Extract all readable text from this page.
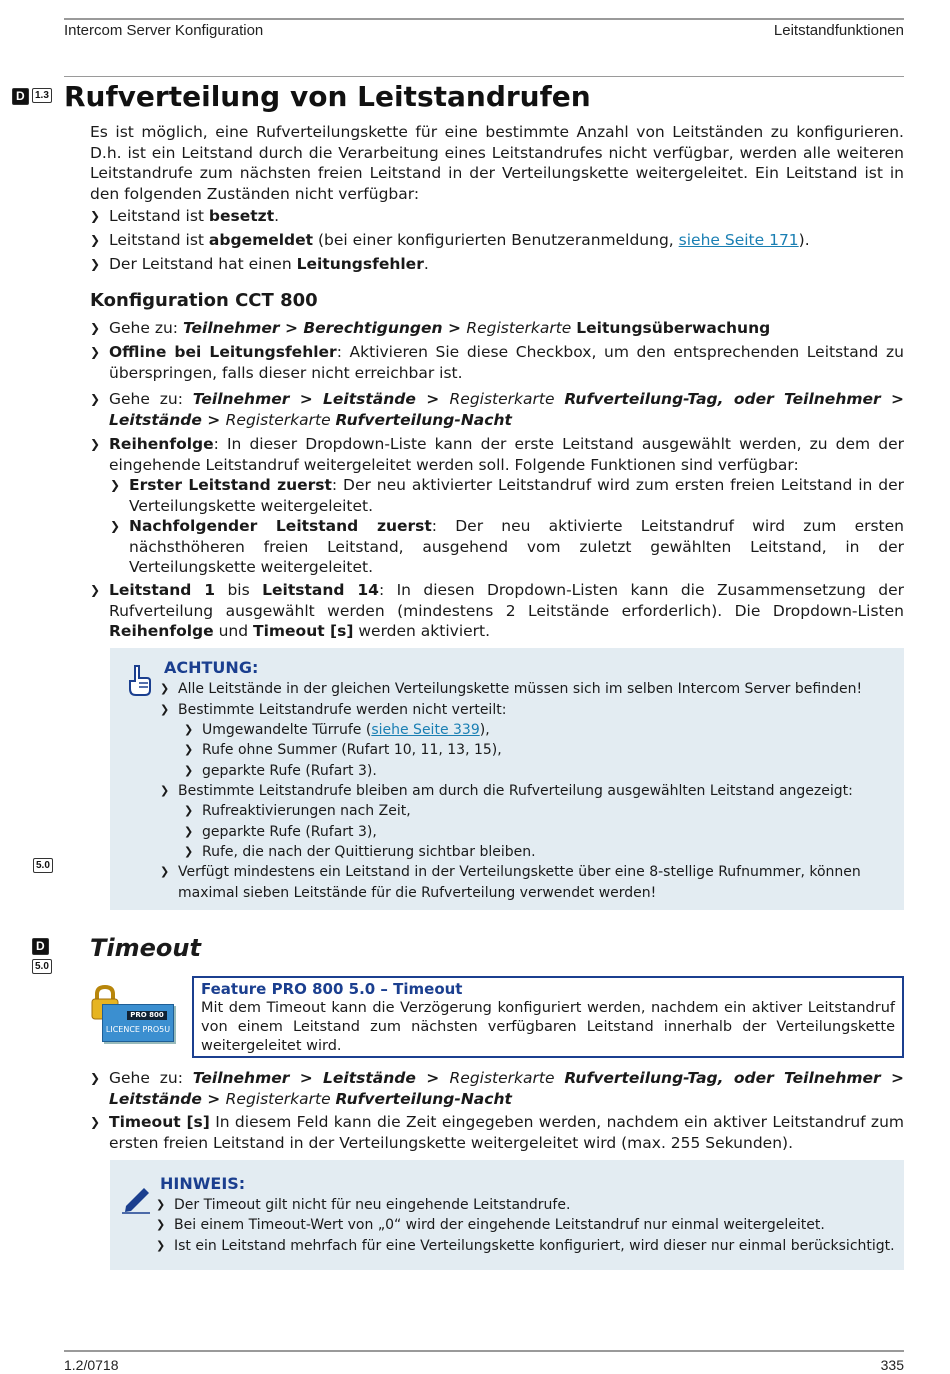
Intercom Server Konfiguration	Leitstandfunktionen
D	1.3 Rufverteilung von Leitstandrufen
Es ist möglich, eine Rufverteilungskette für eine bestimmte Anzahl von Leitständen zu konfigurieren. D.h. ist ein Leitstand durch die Verarbeitung eines Leitstandrufes nicht verfügbar, werden alle weiteren Leitstandrufe zum nächsten freien Leitstand in der Verteilungskette weitergeleitet. Ein Leitstand ist in den folgenden Zuständen nicht verfügbar:
❯ Leitstand ist besetzt.
❯ Leitstand ist abgemeldet (bei einer konfigurierten Benutzeranmeldung, siehe Seite 171).
❯ Der Leitstand hat einen Leitungsfehler.
Konfiguration CCT 800
❯ Gehe zu: Teilnehmer > Berechtigungen > Registerkarte Leitungsüberwachung
❯ Offline bei Leitungsfehler: Aktivieren Sie diese Checkbox, um den entsprechenden Leitstand zu überspringen, falls dieser nicht erreichbar ist.
❯ Gehe zu: Teilnehmer > Leitstände > Registerkarte Rufverteilung-Tag, oder Teilnehmer > Leitstände > Registerkarte Rufverteilung-Nacht
❯ Reihenfolge: In dieser Dropdown-Liste kann der erste Leitstand ausgewählt werden, zu dem der eingehende Leitstandruf weitergeleitet werden soll. Folgende Funktionen sind verfügbar:
❯ Erster Leitstand zuerst: Der neu aktivierter Leitstandruf wird zum ersten freien Leitstand in der Verteilungskette weitergeleitet.
❯ Nachfolgender Leitstand zuerst: Der neu aktivierte Leitstandruf wird zum ersten nächsthöheren freien Leitstand, ausgehend vom zuletzt gewählten Leitstand, in der Verteilungskette weitergeleitet.
❯ Leitstand 1 bis Leitstand 14: In diesen Dropdown-Listen kann die Zusammensetzung der Rufverteilung ausgewählt werden (mindestens 2 Leitstände erforderlich). Die Dropdown-Listen Reihenfolge und Timeout [s] werden aktiviert.
ACHTUNG:
❯ Alle Leitstände in der gleichen Verteilungskette müssen sich im selben Intercom Server befinden!
❯ Bestimmte Leitstandrufe werden nicht verteilt:
❯ Umgewandelte Türrufe (siehe Seite 339),
❯ Rufe ohne Summer (Rufart 10, 11, 13, 15),
❯ geparkte Rufe (Rufart 3).
❯ Bestimmte Leitstandrufe bleiben am durch die Rufverteilung ausgewählten Leitstand angezeigt:
❯ Rufreaktivierungen nach Zeit,
❯ geparkte Rufe (Rufart 3),
❯ Rufe, die nach der Quittierung sichtbar bleiben.
❯ Verfügt mindestens ein Leitstand in der Verteilungskette über eine 8-stellige Rufnummer, können maximal sieben Leitstände für die Rufverteilung verwendet werden!
5.0
D
5.0
Timeout
PRO 800
LICENCE PRO5U
Feature PRO 800 5.0 – Timeout
Mit dem Timeout kann die Verzögerung konfiguriert werden, nachdem ein aktiver Leitstandruf von einem Leitstand zum nächsten verfügbaren Leitstand innerhalb der Verteilungskette weitergeleitet wird.
❯ Gehe zu: Teilnehmer > Leitstände > Registerkarte Rufverteilung-Tag, oder Teilnehmer > Leitstände > Registerkarte Rufverteilung-Nacht
❯ Timeout [s] In diesem Feld kann die Zeit eingegeben werden, nachdem ein aktiver Leitstandruf zum ersten freien Leitstand in der Verteilungskette weitergeleitet wird (max. 255 Sekunden).
HINWEIS:
❯ Der Timeout gilt nicht für neu eingehende Leitstandrufe.
❯ Bei einem Timeout-Wert von „0“ wird der eingehende Leitstandruf nur einmal weitergeleitet.
❯ Ist ein Leitstand mehrfach für eine Verteilungskette konfiguriert, wird dieser nur einmal berücksichtigt.
1.2/0718	335
